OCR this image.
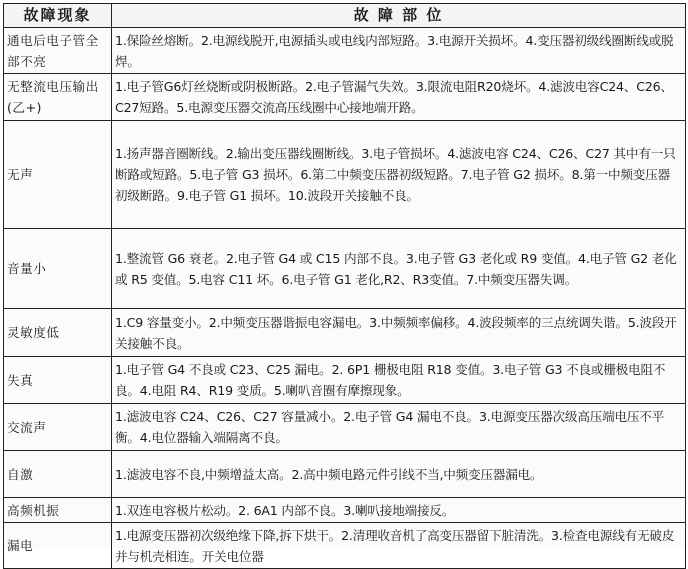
故障现象	故 障 部 位
通电后电子管全部不亮	1.保险丝熔断。2.电源线脱开,电源插头或电线内部短路。3.电源开关损坏。4.变压器初级线圈断线或脱焊。
无整流电压输出(乙+)	1.电子管G6灯丝烧断或阴极断路。2.电子管漏气失效。3.限流电阻R20烧坏。4.滤波电容C24、C26、C27短路。5.电源变压器交流高压线圈中心接地端开路。
无声	1.扬声器音圈断线。2.输出变压器线圈断线。3.电子管损坏。4.滤波电容 C24、C26、C27 其中有一只断路或短路。5.电子管 G3 损坏。6.第二中频变压器初级短路。7.电子管 G2 损坏。8.第一中频变压器初级断路。9.电子管 G1 损坏。10.波段开关接触不良。
音量小	1.整流管 G6 衰老。2.电子管 G4 或 C15 内部不良。3.电子管 G3 老化或 R9 变值。4.电子管 G2 老化或 R5 变值。5.电容 C11 坏。6.电子管 G1 老化,R2、R3变值。7.中频变压器失调。
灵敏度低	1.C9 容量变小。2.中频变压器谐振电容漏电。3.中频频率偏移。4.波段频率的三点统调失谐。5.波段开关接触不良。
失真	1.电子管 G4 不良或 C23、C25 漏电。2. 6P1 栅极电阻 R18 变值。3.电子管 G3 不良或栅极电阻不良。4.电阻 R4、R19 变质。5.喇叭音圈有摩擦现象。
交流声	1.滤波电容 C24、C26、C27 容量减小。2.电子管 G4 漏电不良。3.电源变压器次级高压端电压不平衡。4.电位器输入端隔离不良。
自激	1.滤波电容不良,中频增益太高。2.高中频电路元件引线不当,中频变压器漏电。
高频机振	1.双连电容极片松动。2. 6A1 内部不良。3.喇叭接地端接反。
漏电	1.电源变压器初次级绝缘下降,拆下烘干。2.清理收音机了高变压器留下脏清洗。3.检查电源线有无破皮并与机壳相连。开关电位器
